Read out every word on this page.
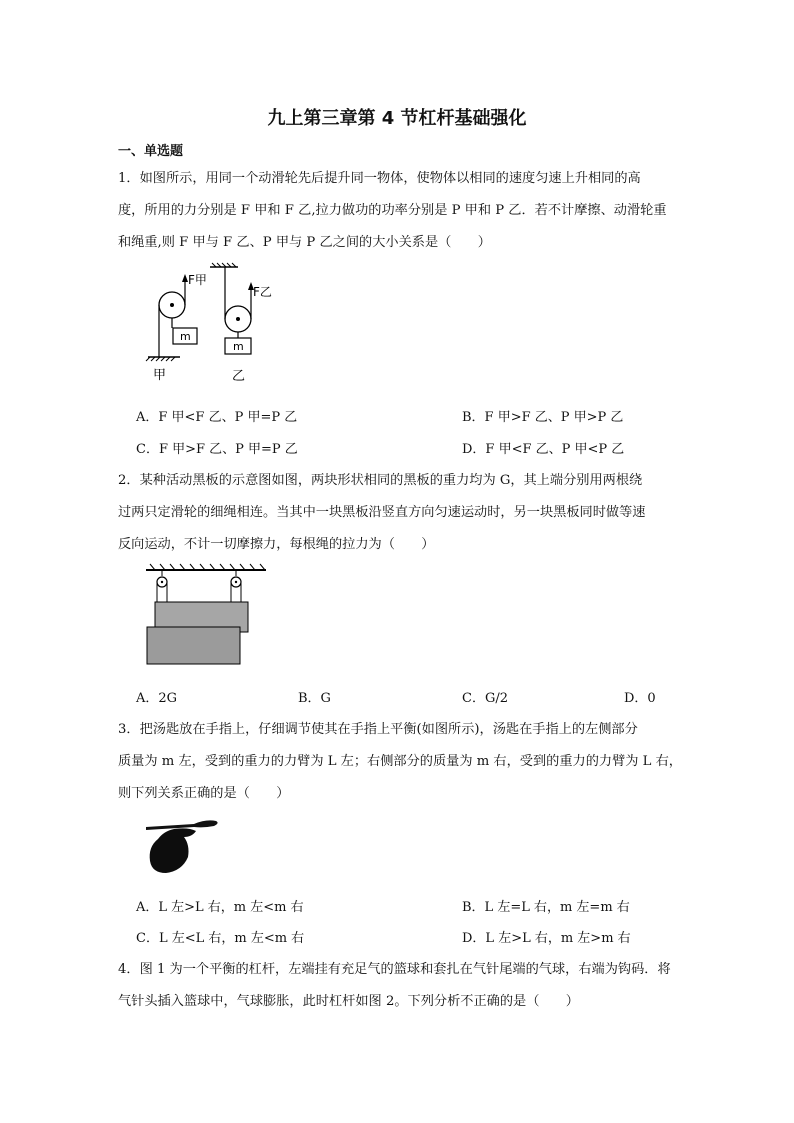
九上第三章第 4 节杠杆基础强化
一、单选题
1．如图所示，用同一个动滑轮先后提升同一物体，使物体以相同的速度匀速上升相同的高
度，所用的力分别是 F 甲和 F 乙,拉力做功的功率分别是 P 甲和 P 乙．若不计摩擦、动滑轮重
和绳重,则 F 甲与 F 乙、P 甲与 P 乙之间的大小关系是（　　）
F甲
m
甲
F乙
m
乙
A．F 甲<F 乙、P 甲=P 乙	B．F 甲>F 乙、P 甲>P 乙
C．F 甲>F 乙、P 甲=P 乙	D．F 甲<F 乙、P 甲<P 乙
2．某种活动黑板的示意图如图，两块形状相同的黑板的重力均为 G，其上端分别用两根绕
过两只定滑轮的细绳相连。当其中一块黑板沿竖直方向匀速运动时，另一块黑板同时做等速
反向运动，不计一切摩擦力，每根绳的拉力为（　　）
A．2G	B．G	C．G/2	D．0
3．把汤匙放在手指上，仔细调节使其在手指上平衡(如图所示)，汤匙在手指上的左侧部分
质量为 m 左，受到的重力的力臂为 L 左；右侧部分的质量为 m 右，受到的重力的力臂为 L 右，
则下列关系正确的是（　　）
A．L 左>L 右，m 左<m 右	B．L 左=L 右，m 左=m 右
C．L 左<L 右，m 左<m 右	D．L 左>L 右，m 左>m 右
4．图 1 为一个平衡的杠杆，左端挂有充足气的篮球和套扎在气针尾端的气球，右端为钩码．将
气针头插入篮球中，气球膨胀，此时杠杆如图 2。下列分析不正确的是（　　）
